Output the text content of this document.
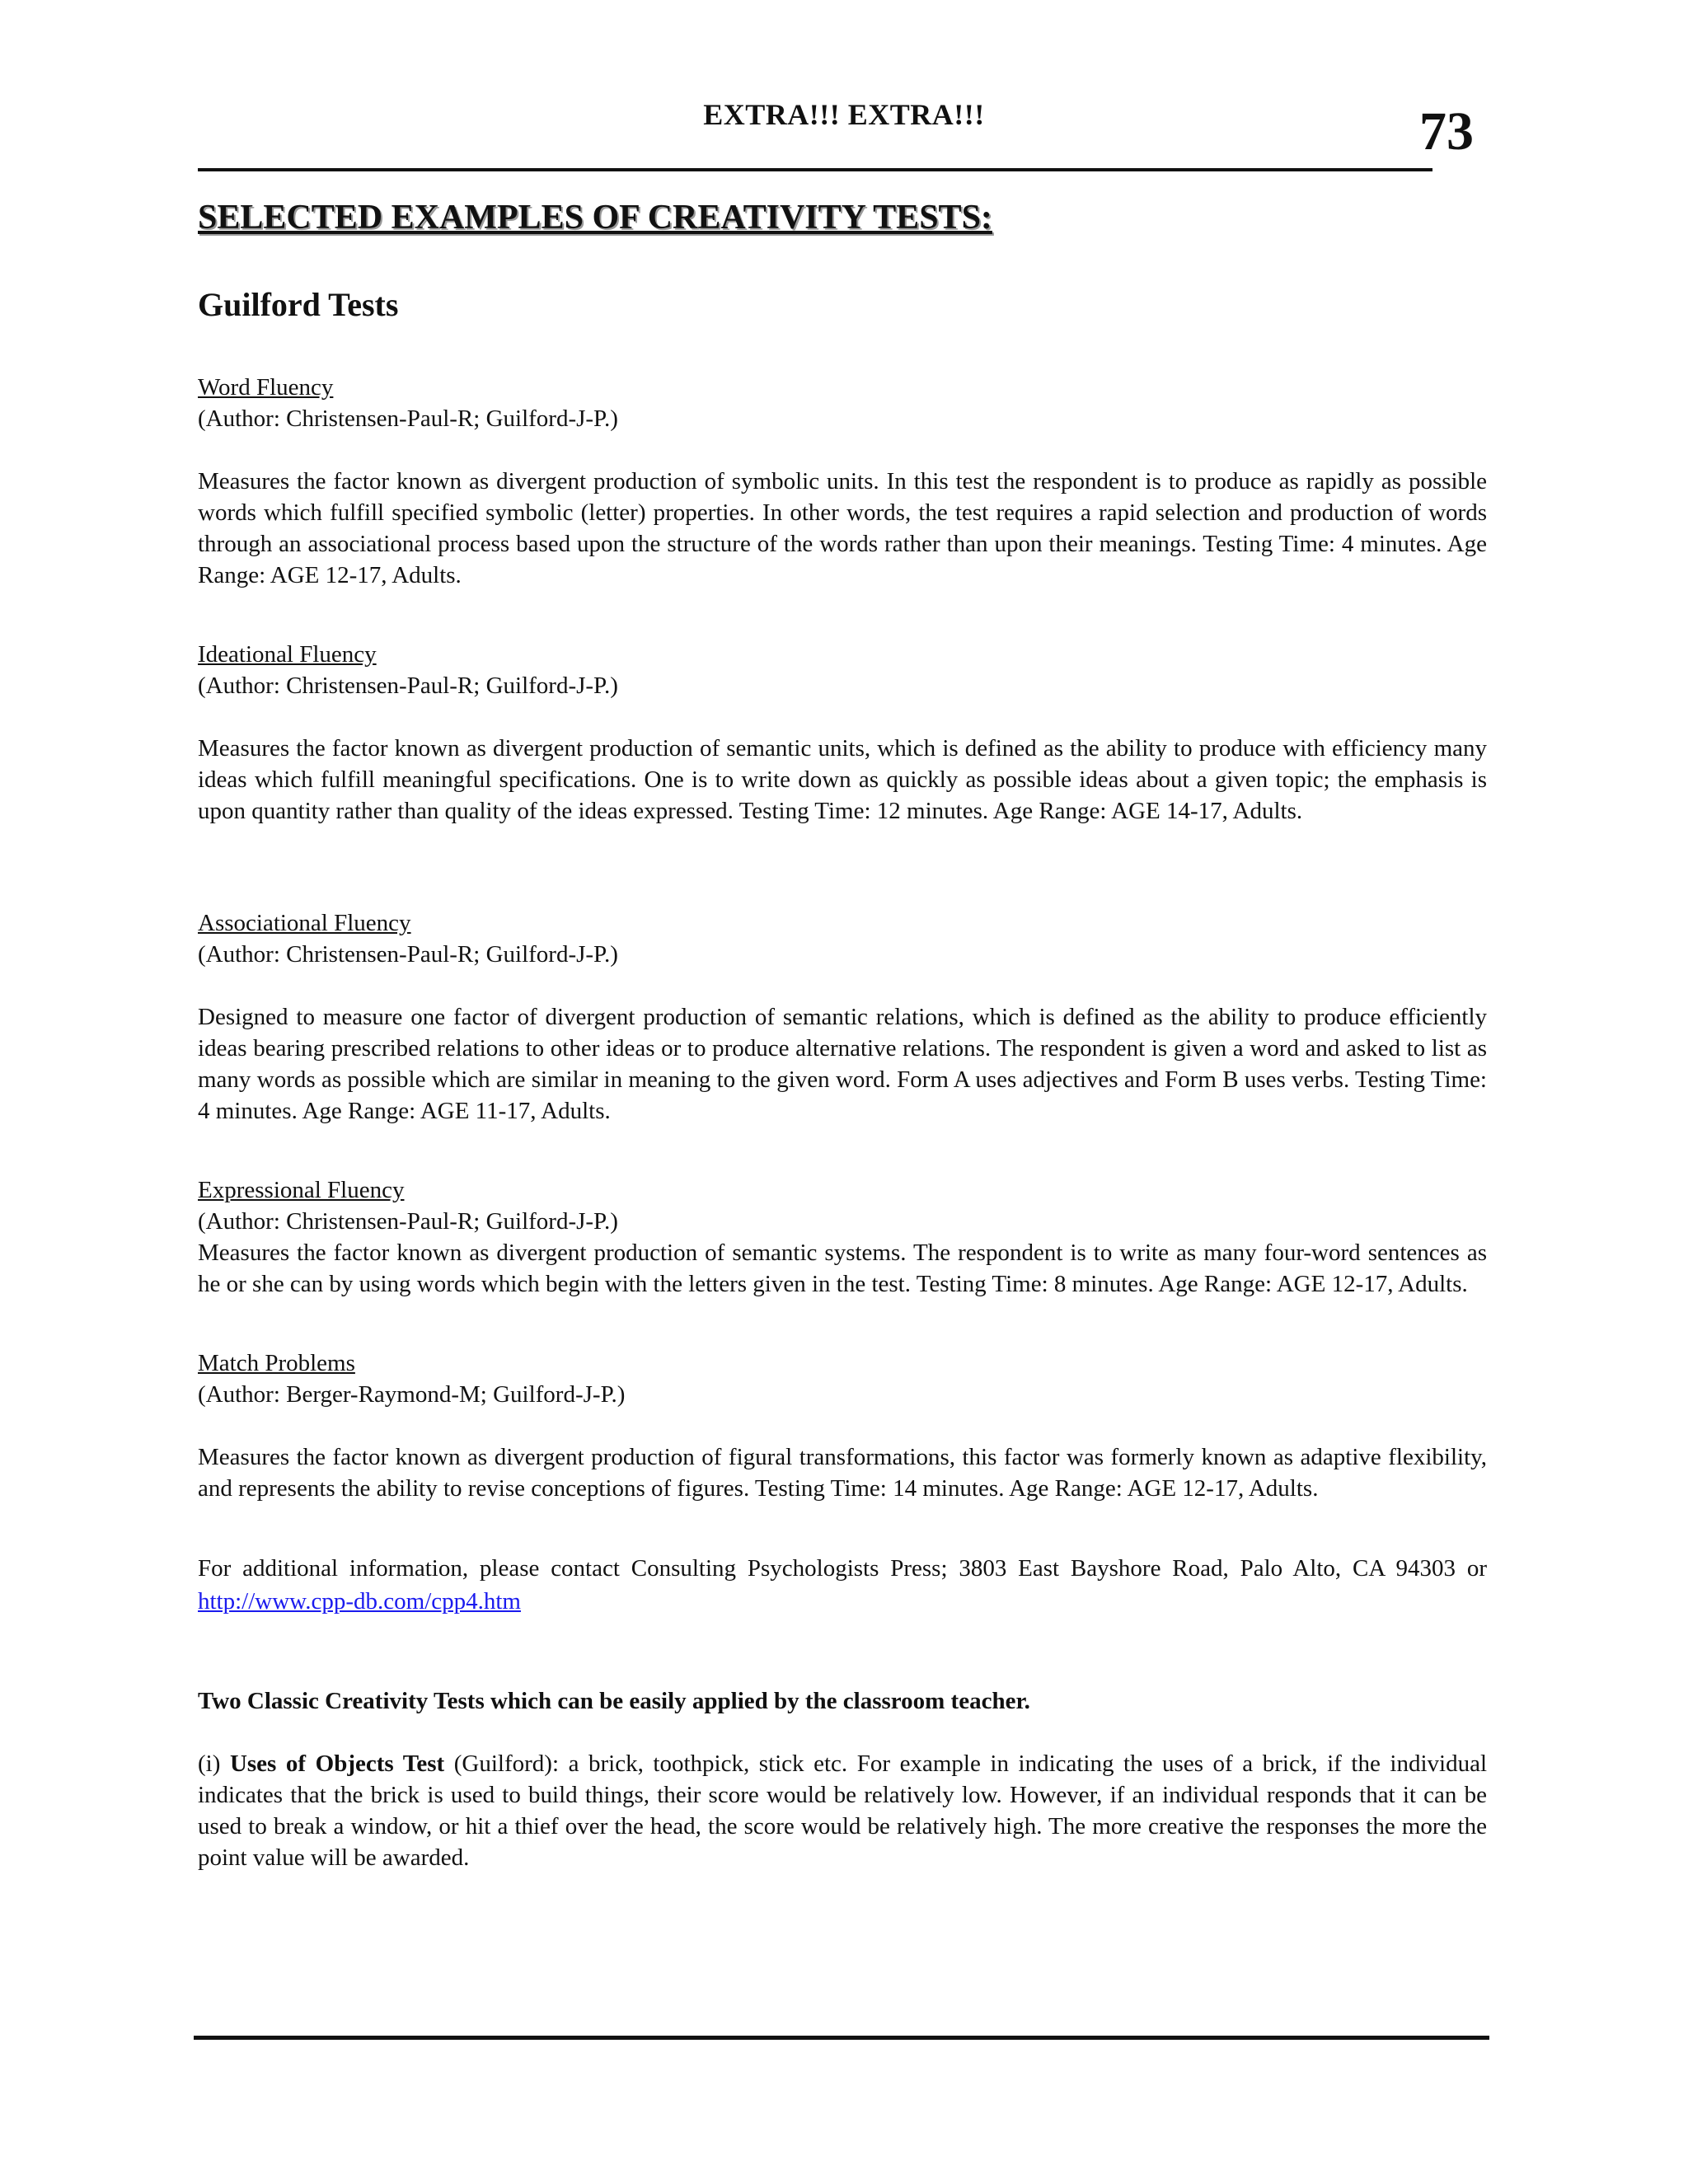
EXTRA!!! EXTRA!!!	73
SELECTED EXAMPLES OF CREATIVITY TESTS:
Guilford Tests
Word Fluency
(Author: Christensen-Paul-R; Guilford-J-P.)
Measures the factor known as divergent production of symbolic units. In this test the respondent is to produce as rapidly as possible words which fulfill specified symbolic (letter) properties. In other words, the test requires a rapid selection and production of words through an associational process based upon the structure of the words rather than upon their meanings. Testing Time: 4 minutes. Age Range: AGE 12-17, Adults.
Ideational Fluency
(Author: Christensen-Paul-R; Guilford-J-P.)
Measures the factor known as divergent production of semantic units, which is defined as the ability to produce with efficiency many ideas which fulfill meaningful specifications. One is to write down as quickly as possible ideas about a given topic; the emphasis is upon quantity rather than quality of the ideas expressed. Testing Time: 12 minutes. Age Range: AGE 14-17, Adults.
Associational Fluency
(Author: Christensen-Paul-R; Guilford-J-P.)
Designed to measure one factor of divergent production of semantic relations, which is defined as the ability to produce efficiently ideas bearing prescribed relations to other ideas or to produce alternative relations. The respondent is given a word and asked to list as many words as possible which are similar in meaning to the given word. Form A uses adjectives and Form B uses verbs. Testing Time: 4 minutes. Age Range: AGE 11-17, Adults.
Expressional Fluency
(Author: Christensen-Paul-R; Guilford-J-P.)
Measures the factor known as divergent production of semantic systems. The respondent is to write as many four-word sentences as he or she can by using words which begin with the letters given in the test. Testing Time: 8 minutes. Age Range: AGE 12-17, Adults.
Match Problems
(Author: Berger-Raymond-M; Guilford-J-P.)
Measures the factor known as divergent production of figural transformations, this factor was formerly known as adaptive flexibility, and represents the ability to revise conceptions of figures. Testing Time: 14 minutes. Age Range: AGE 12-17, Adults.
For additional information, please contact Consulting Psychologists Press; 3803 East Bayshore Road, Palo Alto, CA 94303 or http://www.cpp-db.com/cpp4.htm
Two Classic Creativity Tests which can be easily applied by the classroom teacher.
(i) Uses of Objects Test (Guilford): a brick, toothpick, stick etc. For example in indicating the uses of a brick, if the individual indicates that the brick is used to build things, their score would be relatively low. However, if an individual responds that it can be used to break a window, or hit a thief over the head, the score would be relatively high. The more creative the responses the more the point value will be awarded.
